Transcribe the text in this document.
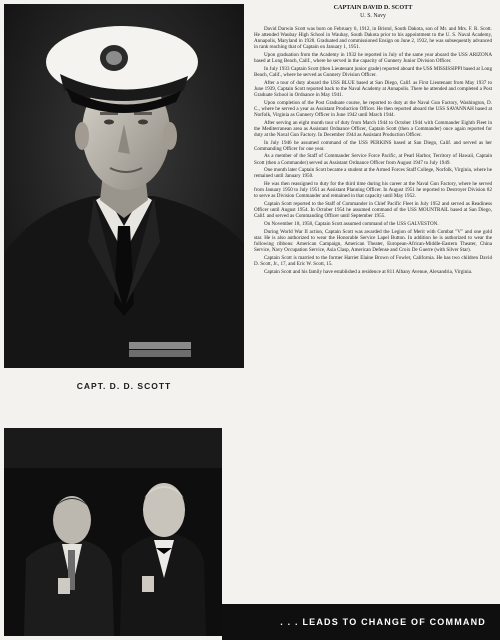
CAPT. D. D. SCOTT
. . . LEADS TO CHANGE OF COMMAND
CAPTAIN DAVID D. SCOTT
U. S. Navy

David Darwin Scott was born on February 6, 1912, in Bristol, South Dakota, son of Mr. and Mrs. F. R. Scott. He attended Waubay High School in Waubay, South Dakota prior to his appointment to the U. S. Naval Academy, Annapolis, Maryland in 1928. Graduated and commissioned Ensign on June 2, 1932, he was subsequently advanced in rank reaching that of Captain on January 1, 1951.

Upon graduation from the Academy in 1932 he reported in July of the same year aboard the USS ARIZONA based at Long Beach, Calif., where he served in the capacity of Gunnery Junior Division Officer.

In July 1933 Captain Scott (then Lieutenant junior grade) reported aboard the USS MISSISSIPPI based at Long Beach, Calif., where he served as Gunnery Division Officer.

After a tour of duty aboard the USS BLUE based at San Diego, Calif. as First Lieutenant from May 1937 to June 1939, Captain Scott reported back to the Naval Academy at Annapolis. There he attended and completed a Post Graduate School in Ordnance in May 1941.

Upon completion of the Post Graduate course, he reported to duty at the Naval Gun Factory, Washington, D. C., where he served a year as Assistant Production Officer. He then reported aboard the USS SAVANNAH based at Norfolk, Virginia as Gunnery Officer in June 1942 until March 1944.

After serving an eight month tour of duty from March 1944 to October 1944 with Commander Eighth Fleet in the Mediterranean area as Assistant Ordnance Officer, Captain Scott (then a Commander) once again reported for duty at the Naval Gun Factory. In December 1944 as Assistant Production Officer.

In July 1946 he assumed command of the USS PERKINS based at San Diego, Calif. and served as her Commanding Officer for one year.

As a member of the Staff of Commander Service Force Pacific, at Pearl Harbor, Territory of Hawaii, Captain Scott (then a Commander) served as Assistant Ordnance Officer from August 1947 to July 1949.

One month later Captain Scott became a student at the Armed Forces Staff College, Norfolk, Virginia, where he remained until January 1950.

He was then reassigned to duty for the third time during his career at the Naval Gun Factory, where he served from January 1950 to July 1951 as Assistant Planning Officer. In August 1951 he reported to Destroyer Division 82 to serve as Division Commander and remained in that capacity until May 1952.

Captain Scott reported to the Staff of Commander in Chief Pacific Fleet in July 1952 and served as Readiness Officer until August 1954. In October 1954 he assumed command of the USS MOUNTRAIL based at San Diego, Calif. and served as Commanding Officer until September 1955.

On November 18, 1958, Captain Scott assumed command of the USS GALVESTON.

During World War II action, Captain Scott was awarded the Legion of Merit with Combat "V" and one gold star. He is also authorized to wear the Honorable Service Lapel Button. In addition he is authorized to wear the following ribbons: American Campaign, American Theater, European-African-Middle-Eastern Theater, China Service, Navy Occupation Service, Asia Clasp, American Defense and Croix De Guerre (with Silver Star).

Captain Scott is married to the former Harriet Elaine Brown of Fowler, California. He has two children David D. Scott, Jr., 17, and Eric W. Scott, 15.

Captain Scott and his family have established a residence at 811 Albany Avenue, Alexandria, Virginia.
